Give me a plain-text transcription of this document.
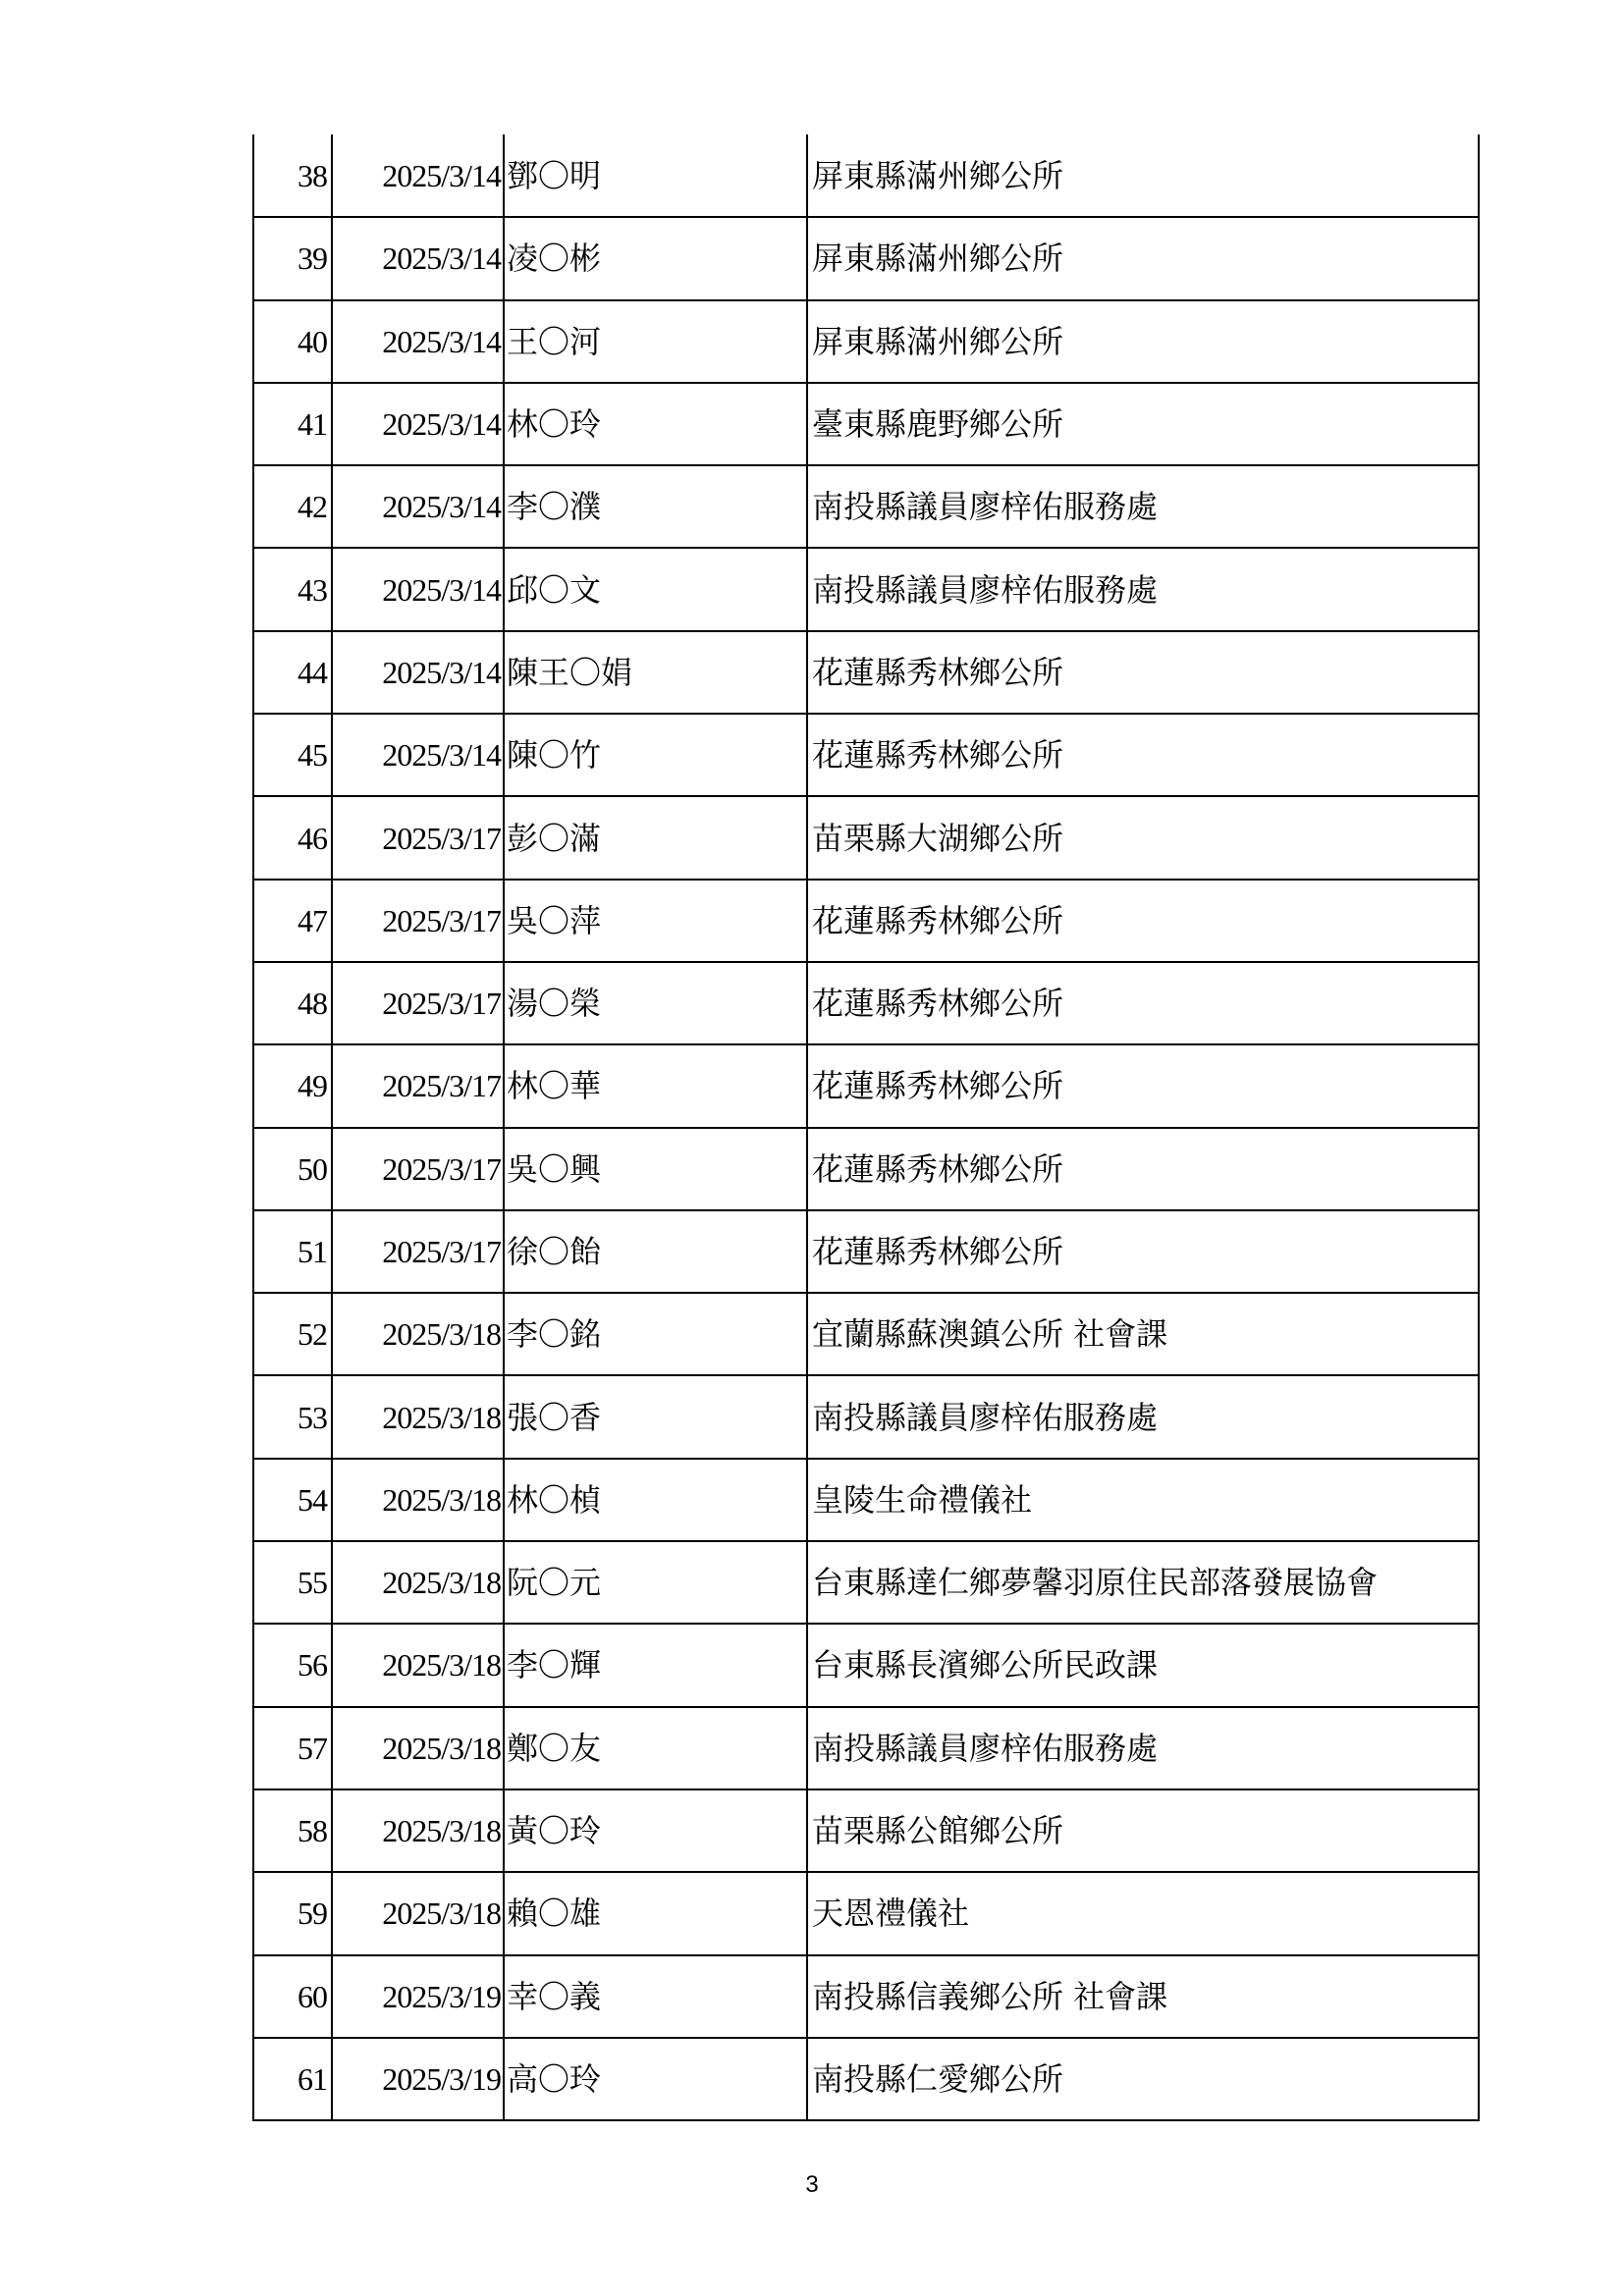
38	2025/3/14	鄧〇明	屏東縣滿州鄉公所
39	2025/3/14	凌〇彬	屏東縣滿州鄉公所
40	2025/3/14	王〇河	屏東縣滿州鄉公所
41	2025/3/14	林〇玲	臺東縣鹿野鄉公所
42	2025/3/14	李〇濮	南投縣議員廖梓佑服務處
43	2025/3/14	邱〇文	南投縣議員廖梓佑服務處
44	2025/3/14	陳王〇娟	花蓮縣秀林鄉公所
45	2025/3/14	陳〇竹	花蓮縣秀林鄉公所
46	2025/3/17	彭〇滿	苗栗縣大湖鄉公所
47	2025/3/17	吳〇萍	花蓮縣秀林鄉公所
48	2025/3/17	湯〇榮	花蓮縣秀林鄉公所
49	2025/3/17	林〇華	花蓮縣秀林鄉公所
50	2025/3/17	吳〇興	花蓮縣秀林鄉公所
51	2025/3/17	徐〇飴	花蓮縣秀林鄉公所
52	2025/3/18	李〇銘	宜蘭縣蘇澳鎮公所 社會課
53	2025/3/18	張〇香	南投縣議員廖梓佑服務處
54	2025/3/18	林〇楨	皇陵生命禮儀社
55	2025/3/18	阮〇元	台東縣達仁鄉夢馨羽原住民部落發展協會
56	2025/3/18	李〇輝	台東縣長濱鄉公所民政課
57	2025/3/18	鄭〇友	南投縣議員廖梓佑服務處
58	2025/3/18	黃〇玲	苗栗縣公館鄉公所
59	2025/3/18	賴〇雄	天恩禮儀社
60	2025/3/19	幸〇義	南投縣信義鄉公所 社會課
61	2025/3/19	高〇玲	南投縣仁愛鄉公所
3
